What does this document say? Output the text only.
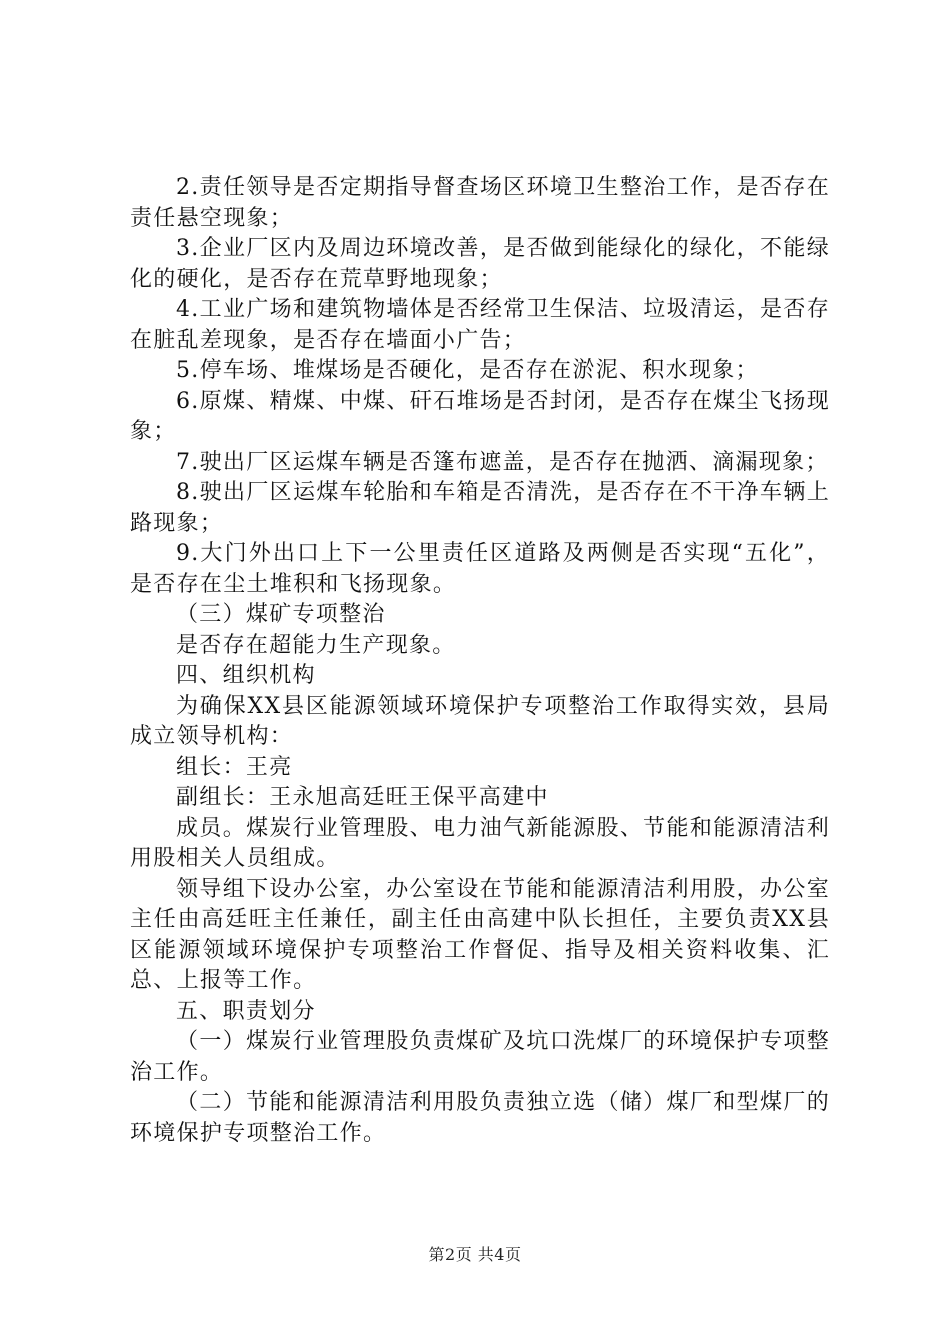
2.责任领导是否定期指导督查场区环境卫生整治工作，是否存在责任悬空现象；

3.企业厂区内及周边环境改善，是否做到能绿化的绿化，不能绿化的硬化，是否存在荒草野地现象；

4.工业广场和建筑物墙体是否经常卫生保洁、垃圾清运，是否存在脏乱差现象，是否存在墙面小广告；

5.停车场、堆煤场是否硬化，是否存在淤泥、积水现象；

6.原煤、精煤、中煤、矸石堆场是否封闭，是否存在煤尘飞扬现象；

7.驶出厂区运煤车辆是否篷布遮盖，是否存在抛洒、滴漏现象；

8.驶出厂区运煤车轮胎和车箱是否清洗，是否存在不干净车辆上路现象；

9.大门外出口上下一公里责任区道路及两侧是否实现“五化”，是否存在尘土堆积和飞扬现象。

（三）煤矿专项整治

是否存在超能力生产现象。

四、组织机构

为确保XX县区能源领域环境保护专项整治工作取得实效，县局成立领导机构：

组长：王亮

副组长：王永旭高廷旺王保平高建中

成员。煤炭行业管理股、电力油气新能源股、节能和能源清洁利用股相关人员组成。

领导组下设办公室，办公室设在节能和能源清洁利用股，办公室主任由高廷旺主任兼任，副主任由高建中队长担任，主要负责XX县区能源领域环境保护专项整治工作督促、指导及相关资料收集、汇总、上报等工作。

五、职责划分

（一）煤炭行业管理股负责煤矿及坑口洗煤厂的环境保护专项整治工作。

（二）节能和能源清洁利用股负责独立选（储）煤厂和型煤厂的环境保护专项整治工作。

第2页 共4页
